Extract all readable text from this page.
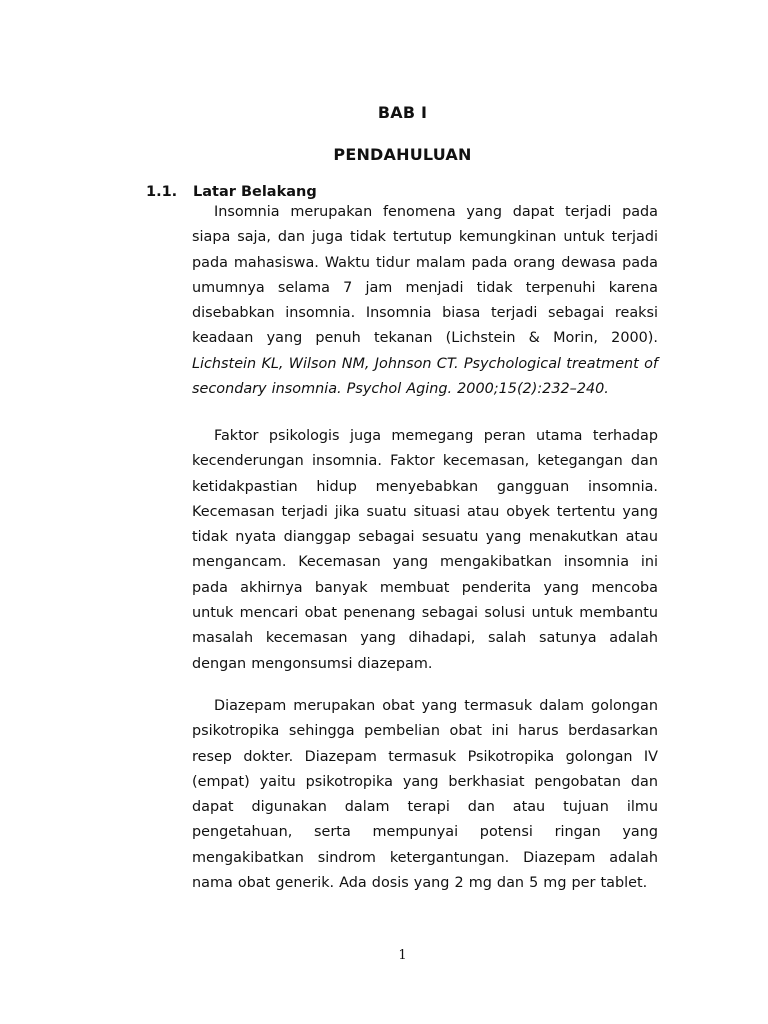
BAB I
PENDAHULUAN
1.1. Latar Belakang

Insomnia merupakan fenomena yang dapat terjadi pada siapa saja, dan juga tidak tertutup kemungkinan untuk terjadi pada mahasiswa. Waktu tidur malam pada orang dewasa pada umumnya selama 7 jam menjadi tidak terpenuhi karena disebabkan insomnia. Insomnia biasa terjadi sebagai reaksi keadaan yang penuh tekanan (Lichstein & Morin, 2000). Lichstein KL, Wilson NM, Johnson CT. Psychological treatment of secondary insomnia. Psychol Aging. 2000;15(2):232–240.

Faktor psikologis juga memegang peran utama terhadap kecenderungan insomnia. Faktor kecemasan, ketegangan dan ketidakpastian hidup menyebabkan gangguan insomnia. Kecemasan terjadi jika suatu situasi atau obyek tertentu yang tidak nyata dianggap sebagai sesuatu yang menakutkan atau mengancam. Kecemasan yang mengakibatkan insomnia ini pada akhirnya banyak membuat penderita yang mencoba untuk mencari obat penenang sebagai solusi untuk membantu masalah kecemasan yang dihadapi, salah satunya adalah dengan mengonsumsi diazepam.

Diazepam merupakan obat yang termasuk dalam golongan psikotropika sehingga pembelian obat ini harus berdasarkan resep dokter. Diazepam termasuk Psikotropika golongan IV (empat) yaitu psikotropika yang berkhasiat pengobatan dan dapat digunakan dalam terapi dan atau tujuan ilmu pengetahuan, serta mempunyai potensi ringan yang mengakibatkan sindrom ketergantungan. Diazepam adalah nama obat generik. Ada dosis yang 2 mg dan 5 mg per tablet.

1
